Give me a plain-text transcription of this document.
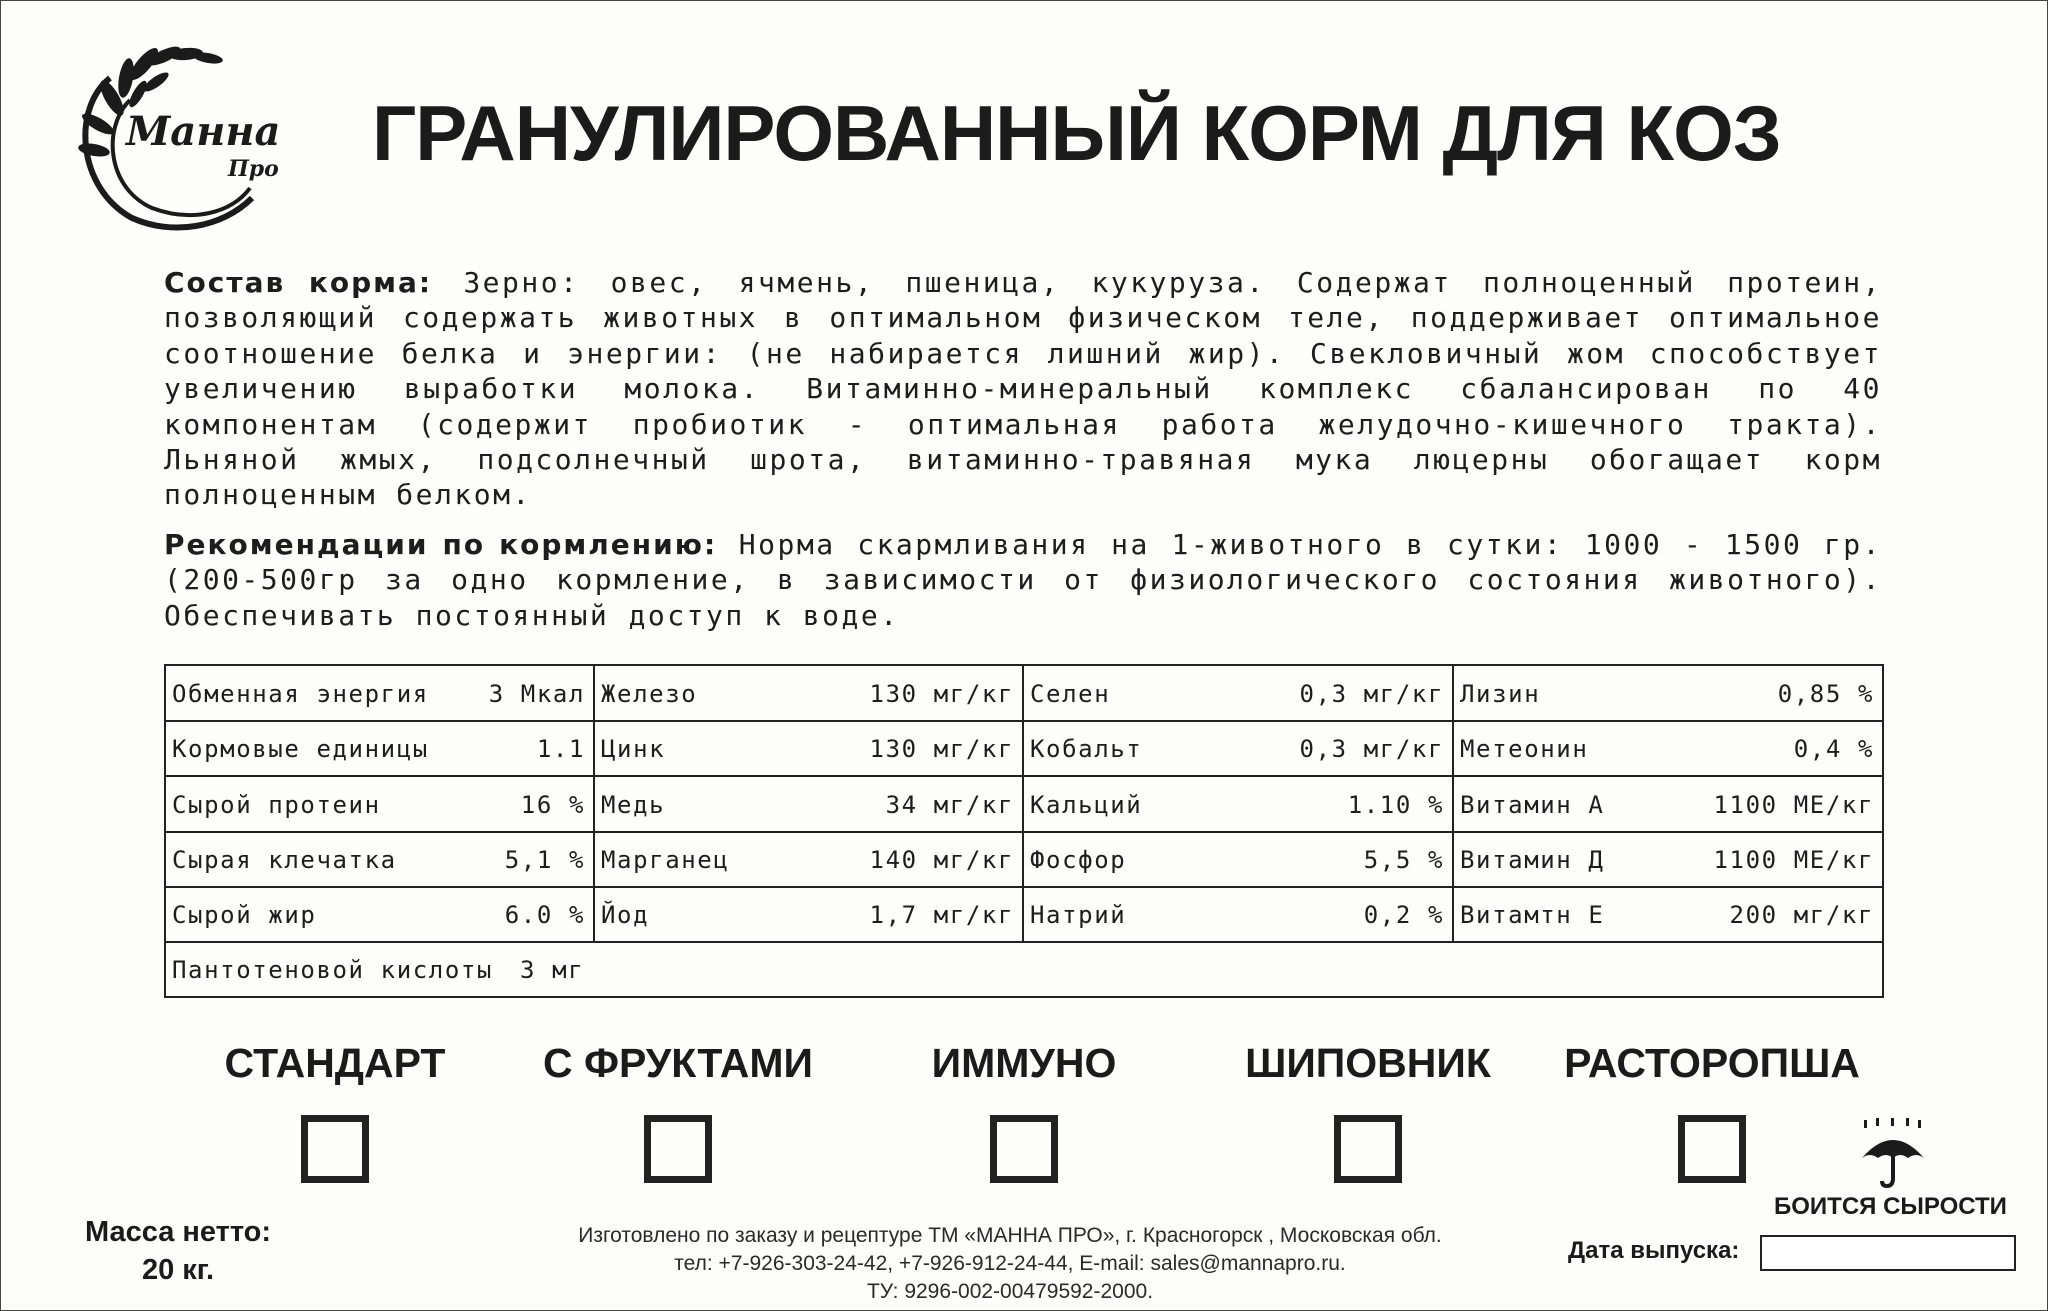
Манна
Про ГРАНУЛИРОВАННЫЙ КОРМ ДЛЯ КОЗ
Состав корма: Зерно: овес, ячмень, пшеница, кукуруза. Содержат полноценный протеин, позволяющий содержать животных в оптимальном физическом теле, поддерживает оптимальное соотношение белка и энергии: (не набирается лишний жир). Свекловичный жом способствует увеличению выработки молока. Витаминно-минеральный комплекс сбалансирован по 40 компонентам (содержит пробиотик - оптимальная работа желудочно-кишечного тракта). Льняной жмых, подсолнечный шрота, витаминно-травяная мука люцерны обогащает корм полноценным белком.
Рекомендации по кормлению: Норма скармливания на 1-животного в сутки: 1000 - 1500 гр. (200-500гр за одно кормление, в зависимости от физиологического состояния животного). Обеспечивать постоянный доступ к воде.
Обменная энергия 3 Мкал Железо	130 мг/кг Селен	0,3 мг/кг Лизин	0,85 %
Кормовые единицы	1.1 Цинк	130 мг/кг Кобальт	0,3 мг/кг Метеонин	0,4 %
Сырой протеин	16 % Медь	34 мг/кг Кальций	1.10 % Витамин А	1100 МЕ/кг
Сырая клечатка	5,1 % Марганец	140 мг/кг Фосфор	5,5 % Витамин Д	1100 МЕ/кг
Сырой жир	6.0 % Йод	1,7 мг/кг Натрий	0,2 % Витамтн Е	200 мг/кг
Пантотеновой кислоты 3 мг
СТАНДАРТ	С ФРУКТАМИ	ИММУНО	ШИПОВНИК	РАСТОРОПША
БОИТСЯ СЫРОСТИ
Масса нетто:
20 кг.
Изготовлено по заказу и рецептуре ТМ «МАННА ПРО», г. Красногорск , Московская обл.
тел: +7-926-303-24-42, +7-926-912-24-44, E-mail: sales@mannapro.ru.
ТУ: 9296-002-00479592-2000.
Дата выпуска:
